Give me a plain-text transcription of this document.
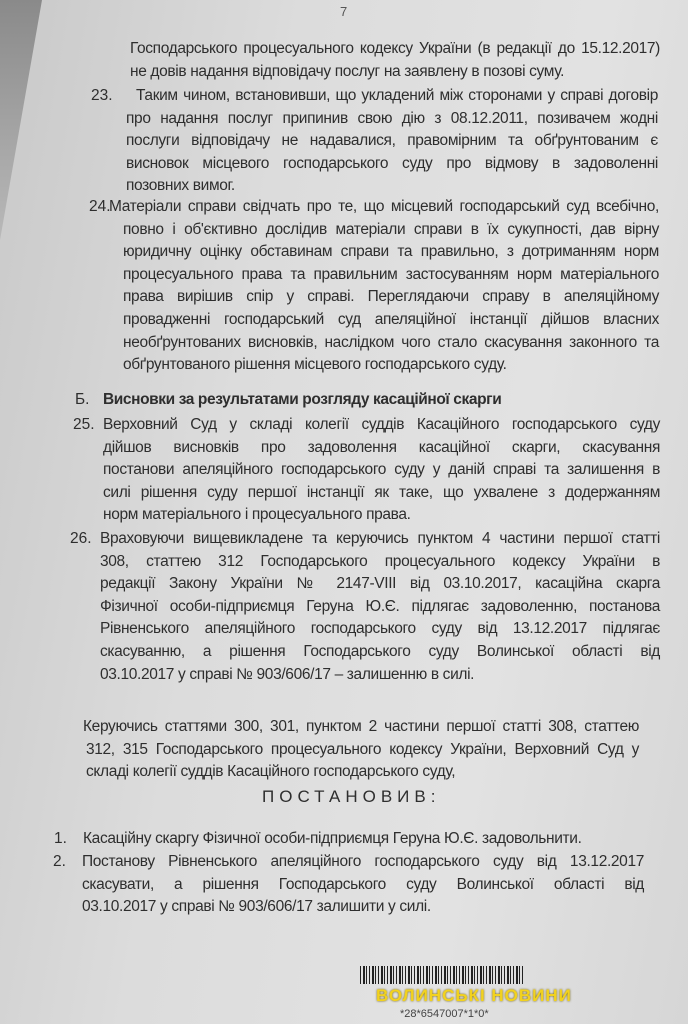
7
Господарського процесуального кодексу України (в редакції до 15.12.2017)
не довів надання відповідачу послуг на заявлену в позові суму.
23.	Таким чином, встановивши, що укладений між сторонами у справі договір
про надання послуг припинив свою дію з 08.12.2011, позивачем жодні
послуги відповідачу не надавалися, правомірним та обґрунтованим є
висновок місцевого господарського суду про відмову в задоволенні
позовних вимог.
24.
Матеріали справи свідчать про те, що місцевий господарський суд всебічно,
повно і об'єктивно дослідив матеріали справи в їх сукупності, дав вірну
юридичну оцінку обставинам справи та правильно, з дотриманням норм
процесуального права та правильним застосуванням норм матеріального
права вирішив спір у справі. Переглядаючи справу в апеляційному
провадженні господарський суд апеляційної інстанції дійшов власних
необґрунтованих висновків, наслідком чого стало скасування законного та
обґрунтованого рішення місцевого господарського суду.
Б. Висновки за результатами розгляду касаційної скарги
25. Верховний Суд у складі колегії суддів Касаційного господарського суду
дійшов висновків про задоволення касаційної скарги, скасування
постанови апеляційного господарського суду у даній справі та залишення в
силі рішення суду першої інстанції як таке, що ухвалене з додержанням
норм матеріального і процесуального права.
26. Враховуючи вищевикладене та керуючись пунктом 4 частини першої статті
308, статтею 312 Господарського процесуального кодексу України в
редакції Закону України № 2147-VIII від 03.10.2017, касаційна скарга
Фізичної особи-підприємця Геруна Ю.Є. підлягає задоволенню, постанова
Рівненського апеляційного господарського суду від 13.12.2017 підлягає
скасуванню, а рішення Господарського суду Волинської області від
03.10.2017 у справі № 903/606/17 – залишенню в силі.
Керуючись статтями 300, 301, пунктом 2 частини першої статті 308, статтею
312, 315 Господарського процесуального кодексу України, Верховний Суд у
складі колегії суддів Касаційного господарського суду,
ПОСТАНОВИВ:
1. Касаційну скаргу Фізичної особи-підприємця Геруна Ю.Є. задовольнити.
2. Постанову Рівненського апеляційного господарського суду від 13.12.2017
скасувати, а рішення Господарського суду Волинської області від
03.10.2017 у справі № 903/606/17 залишити у силі.
ВОЛИНСЬКІ НОВИНИ
*28*6547007*1*0*
